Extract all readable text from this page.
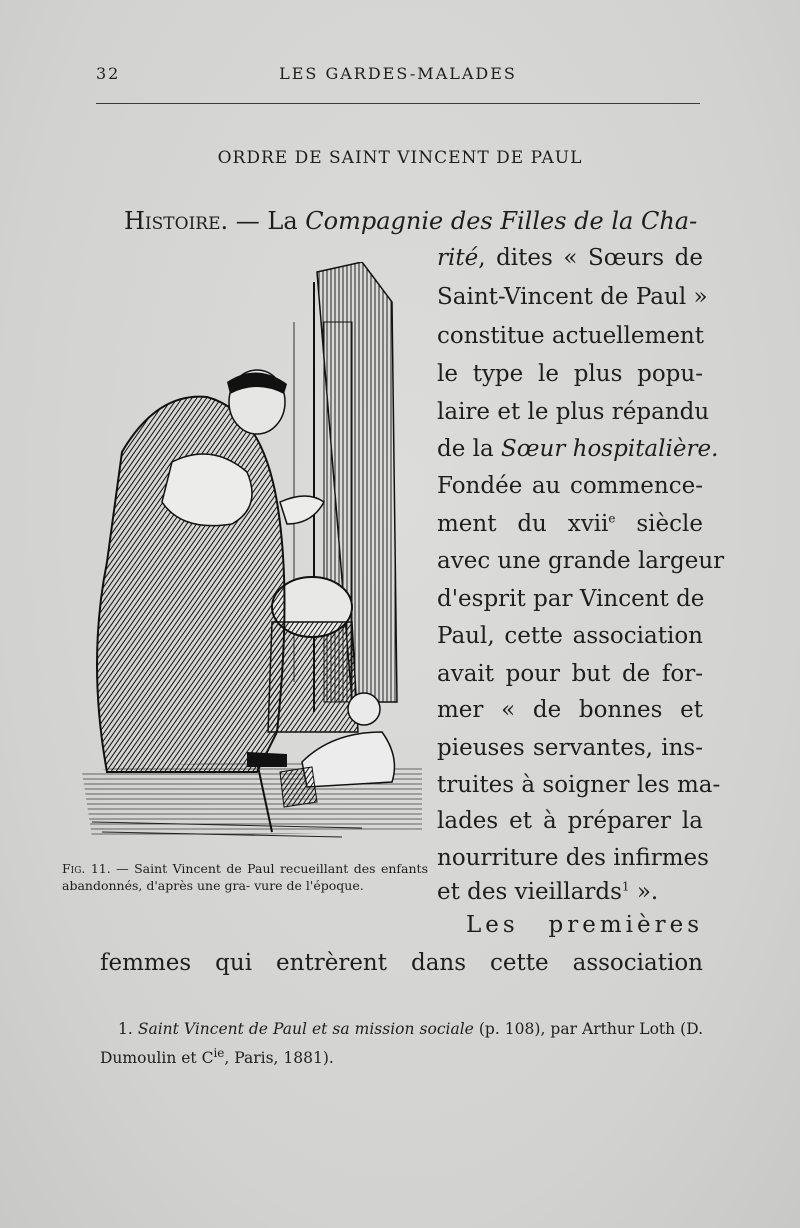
32	LES GARDES-MALADES
ORDRE DE SAINT VINCENT DE PAUL
Histoire. — La Compagnie des Filles de la Cha-
rité, dites « Sœurs de
Saint-Vincent de Paul »
constitue actuellement
le type le plus popu-
laire et le plus répandu
de la Sœur hospitalière.
Fondée au commence-
ment du xvii$^e$ siècle
avec une grande largeur
d'esprit par Vincent de
Paul, cette association
avait pour but de for-
mer « de bonnes et
pieuses servantes, ins-
truites à soigner les ma-
lades et à préparer la
nourriture des infirmes
et des vieillards$^1$ ».
Les premières
femmes qui entrèrent dans cette association
Fig. 11. — Saint Vincent de Paul recueillant des enfants abandonnés, d'après une gra- vure de l'époque.
1. Saint Vincent de Paul et sa mission sociale (p. 108), par Arthur Loth (D. Dumoulin et $C^{ie}$, Paris, 1881).
